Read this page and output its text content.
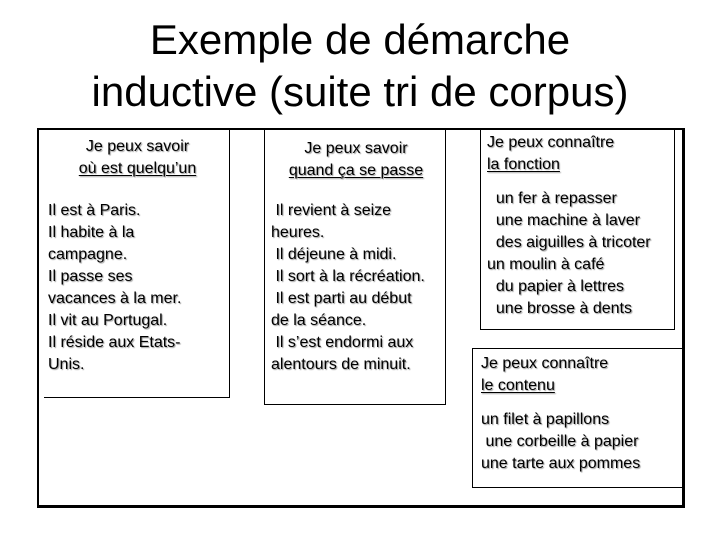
Exemple de démarche
inductive (suite tri de corpus)
Je peux savoir
où est quelqu’un
Il est à Paris.
Il habite à la
campagne.
Il passe ses
vacances à la mer.
Il vit au Portugal.
Il réside aux Etats-
Unis.
Je peux savoir
quand ça se passe
Il revient à seize
heures.
Il déjeune à midi.
Il sort à la récréation.
Il est parti au début
de la séance.
Il s’est endormi aux
alentours de minuit.
Je peux connaître
la fonction
un fer à repasser
une machine à laver
des aiguilles à tricoter
un moulin à café
du papier à lettres
une brosse à dents
Je peux connaître
le contenu
un filet à papillons
une corbeille à papier
une tarte aux pommes
